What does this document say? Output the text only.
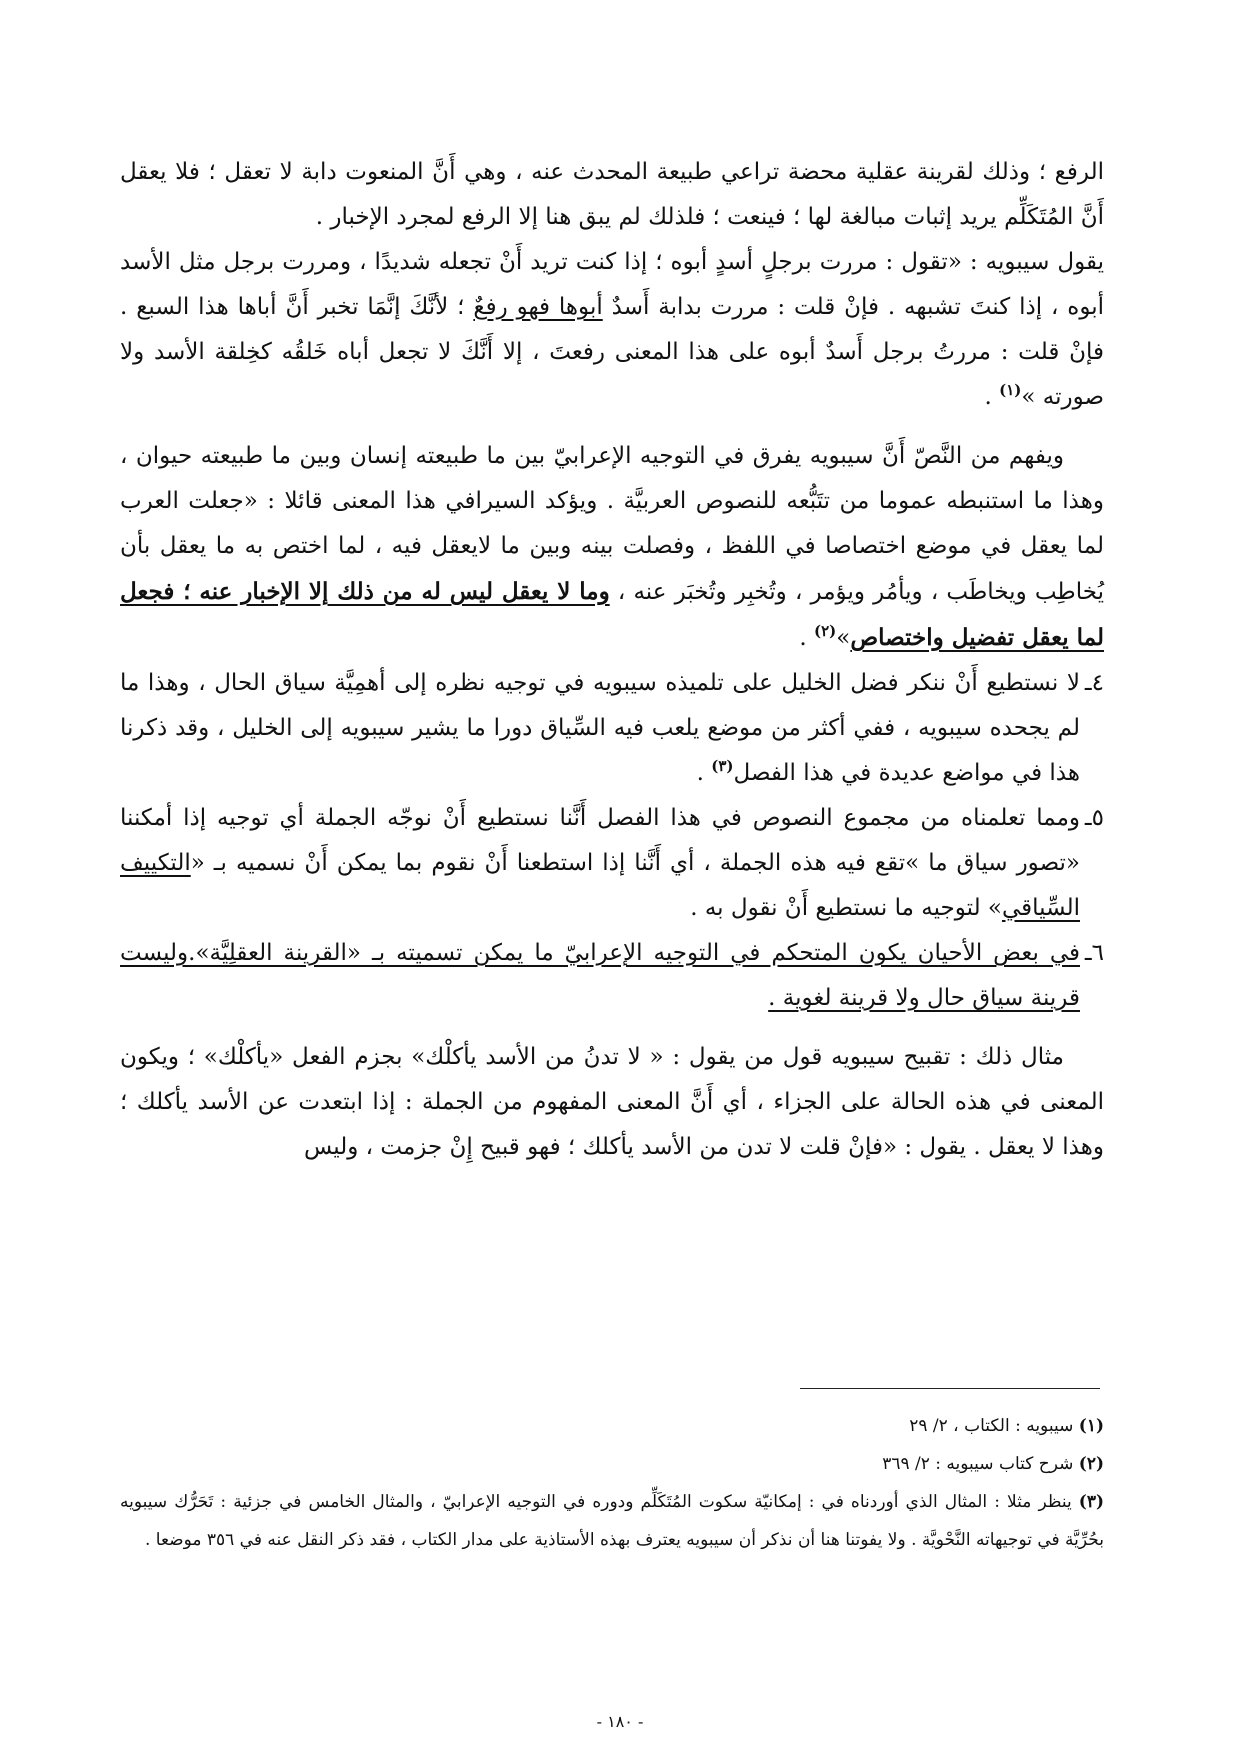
الرفع ؛ وذلك لقرينة عقلية محضة تراعي طبيعة المحدث عنه ، وهي أَنَّ المنعوت دابة لا تعقل ؛ فلا يعقل أَنَّ المُتَكَلِّم يريد إثبات مبالغة لها ؛ فينعت ؛ فلذلك لم يبق هنا إلا الرفع لمجرد الإخبار .

يقول سيبويه : «تقول : مررت برجلٍ أسدٍ أبوه ؛ إذا كنت تريد أَنْ تجعله شديدًا ، ومررت برجل مثل الأسد أبوه ، إذا كنتَ تشبهه . فإنْ قلت : مررت بدابة أَسدٌ أبوها فهو رفعٌ ؛ لأنَّكَ إنَّمَا تخبر أَنَّ أباها هذا السبع . فإنْ قلت : مررتُ برجل أَسدٌ أبوه على هذا المعنى رفعتَ ، إلا أَنَّكَ لا تجعل أباه خَلقُه كخِلقة الأسد ولا صورته »$^{(١)}$ .

ويفهم من النَّصّ أَنَّ سيبويه يفرق في التوجيه الإعرابيّ بين ما طبيعته إنسان وبين ما طبيعته حيوان ، وهذا ما استنبطه عموما من تتَبُّعه للنصوص العربيَّة . ويؤكد السيرافي هذا المعنى قائلا : «جعلت العرب لما يعقل في موضع اختصاصا في اللفظ ، وفصلت بينه وبين ما لايعقل فيه ، لما اختص به ما يعقل بأن يُخاطِب ويخاطَب ، ويأمُر ويؤمر ، وتُخبِر وتُخبَر عنه ، وما لا يعقل ليس له من ذلك إلا الإخبار عنه ؛ فجعل لما يعقل تفضيل واختصاص»$^{(٢)}$ .

٤ـ
لا نستطيع أَنْ ننكر فضل الخليل على تلميذه سيبويه في توجيه نظره إلى أهمِيَّة سياق الحال ، وهذا ما لم يجحده سيبويه ، ففي أكثر من موضع يلعب فيه السِّياق دورا ما يشير سيبويه إلى الخليل ، وقد ذكرنا هذا في مواضع عديدة في هذا الفصل$^{(٣)}$ .
٥ـ
ومما تعلمناه من مجموع النصوص في هذا الفصل أَنَّنا نستطيع أَنْ نوجّه الجملة أي توجيه إذا أمكننا «تصور سياق ما »تقع فيه هذه الجملة ، أي أَنَّنا إذا استطعنا أَنْ نقوم بما يمكن أَنْ نسميه بـ «التكييف السِّياقي» لتوجيه ما نستطيع أَنْ نقول به .
٦ـ
في بعض الأحيان يكون المتحكم في التوجيه الإعرابيّ ما يمكن تسميته بـ «القرينة العقلِيَّة».وليست قرينة سياق حال ولا قرينة لغوية .

مثال ذلك : تقبيح سيبويه قول من يقول : « لا تدنُ من الأسد يأكلْك» بجزم الفعل «يأكلْك» ؛ ويكون المعنى في هذه الحالة على الجزاء ، أي أَنَّ المعنى المفهوم من الجملة : إذا ابتعدت عن الأسد يأكلك ؛ وهذا لا يعقل . يقول : «فإنْ قلت لا تدن من الأسد يأكلك ؛ فهو قبيح إِنْ جزمت ، وليس

(١) سيبويه : الكتاب ، ٢/ ٢٩

(٢) شرح كتاب سيبويه : ٢/ ٣٦٩

(٣) ينظر مثلا : المثال الذي أوردناه في : إمكانيّة سكوت المُتَكَلِّم ودوره في التوجيه الإعرابيّ ، والمثال الخامس في جزئية : تَحَرُّك سيبويه بحُرِّيَّة في توجيهاته النَّحْويَّة . ولا يفوتنا هنا أن نذكر أن سيبويه يعترف بهذه الأستاذية على مدار الكتاب ، فقد ذكر النقل عنه في ٣٥٦ موضعا .

- ١٨٠ -
